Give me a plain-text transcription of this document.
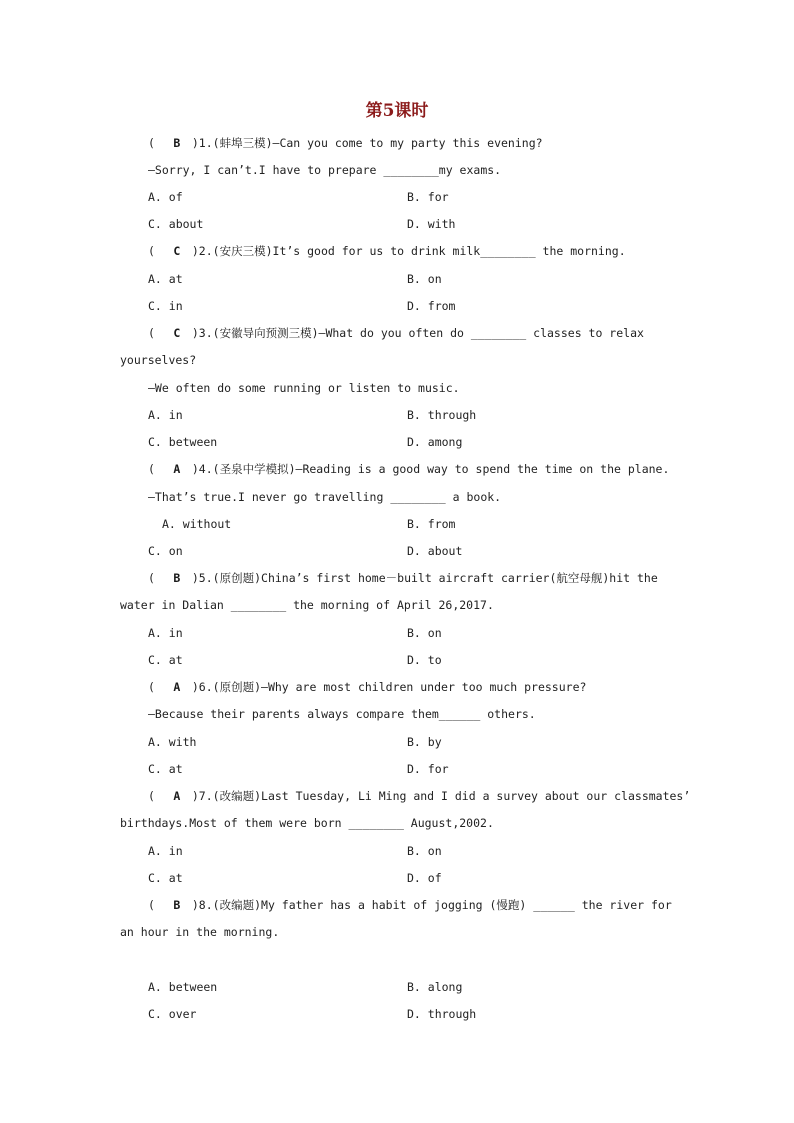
第5课时
( B )1.(蚌埠三模)—Can you come to my party this evening?
—Sorry, I can’t.I have to prepare ________my exams.
A. of	B. for
C. about	D. with
( C )2.(安庆三模)It’s good for us to drink milk________ the morning.
A. at	B. on
C. in	D. from
( C )3.(安徽导向预测三模)—What do you often do ________ classes to relax
yourselves?
—We often do some running or listen to music.
A. in	B. through
C. between	D. among
( A )4.(圣泉中学模拟)—Reading is a good way to spend the time on the plane.
—That’s true.I never go travelling ________ a book.
A. without	B. from
C. on	D. about
( B )5.(原创题)China’s first home－built aircraft carrier(航空母舰)hit the
water in Dalian ________ the morning of April 26,2017.
A. in	B. on
C. at	D. to
( A )6.(原创题)—Why are most children under too much pressure?
—Because their parents always compare them______ others.
A. with	B. by
C. at	D. for
( A )7.(改编题)Last Tuesday, Li Ming and I did a survey about our classmates’
birthdays.Most of them were born ________ August,2002.
A. in	B. on
C. at	D. of
( B )8.(改编题)My father has a habit of jogging (慢跑) ______ the river for
an hour in the morning.
A. between	B. along
C. over	D. through
